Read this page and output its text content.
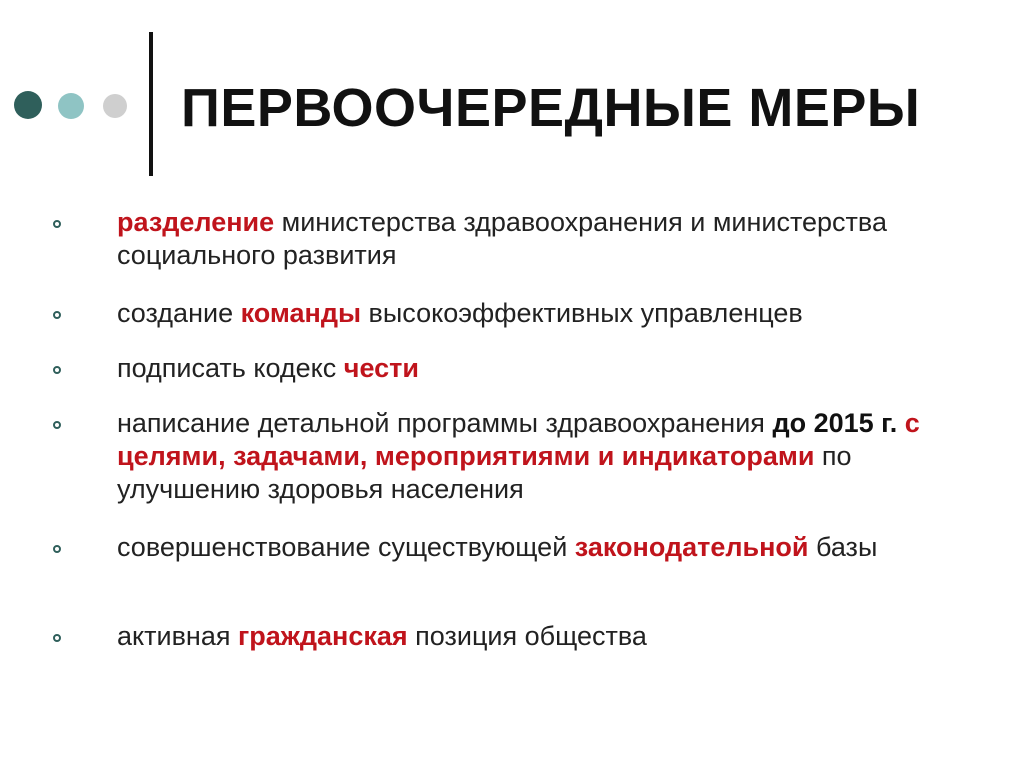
ПЕРВООЧЕРЕДНЫЕ МЕРЫ
разделение министерства здравоохранения и министерства социального развития
создание команды высокоэффективных управленцев
подписать кодекс чести
написание детальной программы здравоохранения до 2015 г. с целями, задачами, мероприятиями и индикаторами по улучшению здоровья населения
совершенствование существующей законодательной базы
активная гражданская позиция общества
